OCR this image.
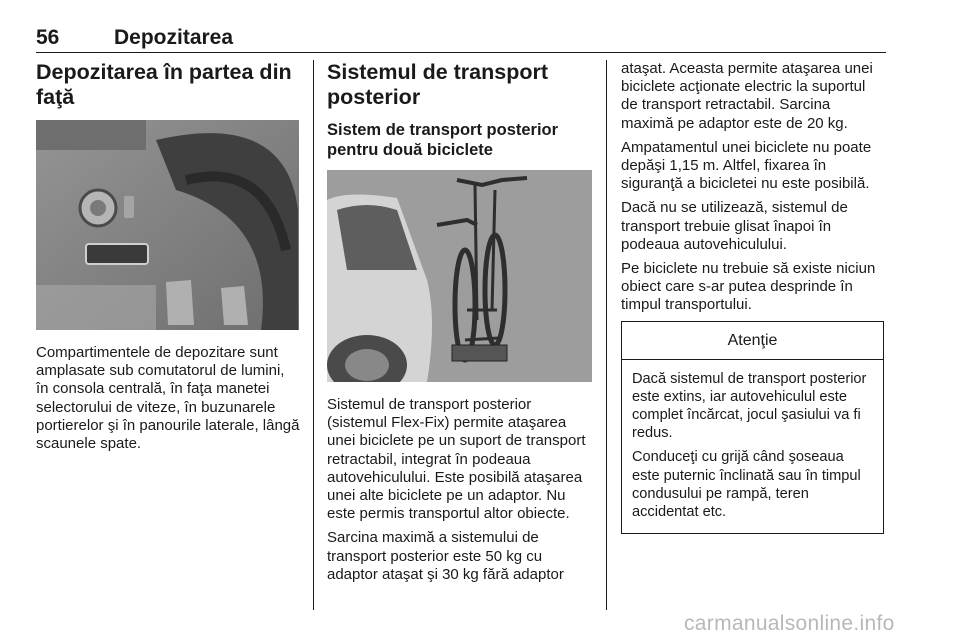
56	Depozitarea
Depozitarea în partea din faţă

Compartimentele de depozitare sunt amplasate sub comutatorul de lumini, în consola centrală, în faţa manetei selectorului de viteze, în buzunarele portierelor şi în panourile laterale, lângă scaunele spate.

Sistemul de transport posterior
Sistem de transport posterior pentru două biciclete

Sistemul de transport posterior (sistemul Flex-Fix) permite ataşarea unei biciclete pe un suport de transport retractabil, integrat în podeaua autovehiculului. Este posibilă ataşarea unei alte biciclete pe un adaptor. Nu este permis transportul altor obiecte.

Sarcina maximă a sistemului de transport posterior este 50 kg cu adaptor ataşat şi 30 kg fără adaptor

ataşat. Aceasta permite ataşarea unei biciclete acţionate electric la suportul de transport retractabil. Sarcina maximă pe adaptor este de 20 kg.

Ampatamentul unei biciclete nu poate depăşi 1,15 m. Altfel, fixarea în siguranţă a bicicletei nu este posibilă.

Dacă nu se utilizează, sistemul de transport trebuie glisat înapoi în podeaua autovehiculului.

Pe biciclete nu trebuie să existe niciun obiect care s-ar putea desprinde în timpul transportului.

Atenţie

Dacă sistemul de transport posterior este extins, iar autovehiculul este complet încărcat, jocul şasiului va fi redus.

Conduceţi cu grijă când şoseaua este puternic înclinată sau în timpul condusului pe rampă, teren accidentat etc.

carmanualsonline.info
